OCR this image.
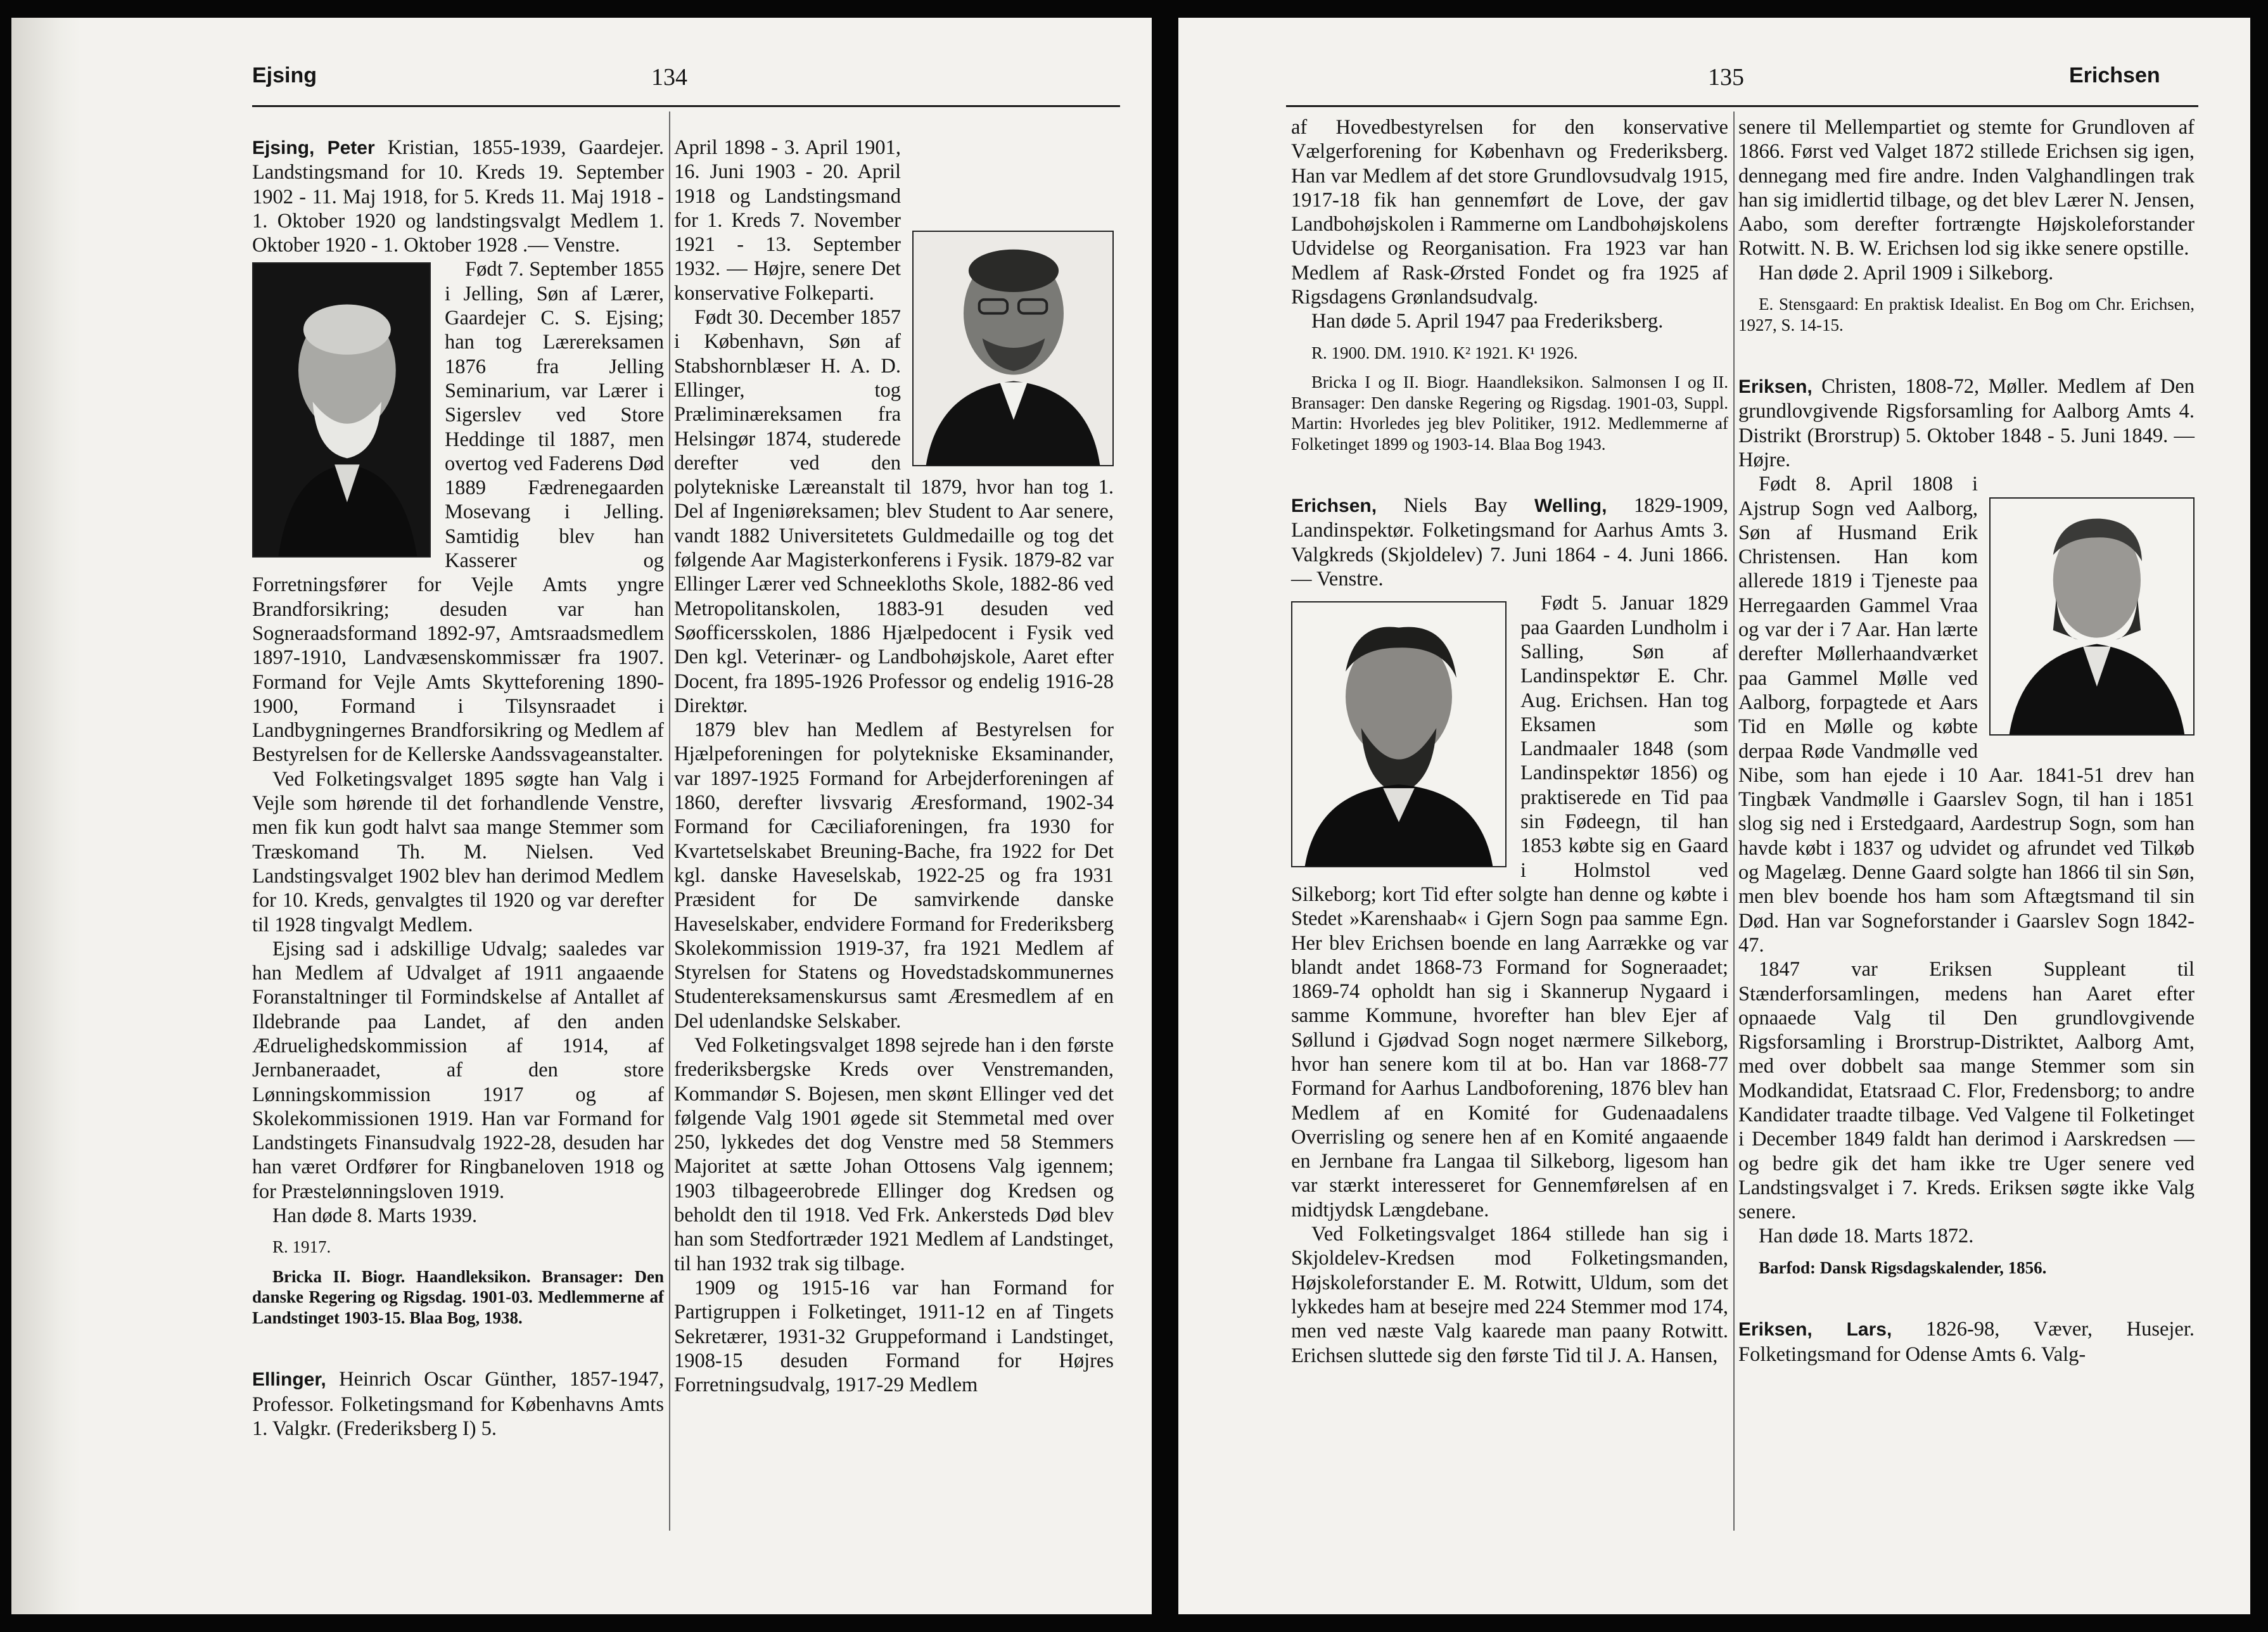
Ejsing	134

Ejsing, Peter Kristian, 1855-1939, Gaardejer. Landstingsmand for 10. Kreds 19. September 1902 - 11. Maj 1918, for 5. Kreds 11. Maj 1918 - 1. Oktober 1920 og landstingsvalgt Medlem 1. Oktober 1920 - 1. Oktober 1928 .— Venstre.

Født 7. September 1855 i Jelling, Søn af Lærer, Gaardejer C. S. Ejsing; han tog Lærereksamen 1876 fra Jelling Seminarium, var Lærer i Sigerslev ved Store Heddinge til 1887, men overtog ved Faderens Død 1889 Fædrenegaarden Mosevang i Jelling. Samtidig blev han Kasserer og Forretningsfører for Vejle Amts yngre Brandforsikring; desuden var han Sogneraadsformand 1892-97, Amtsraadsmedlem 1897-1910, Landvæsenskommissær fra 1907. Formand for Vejle Amts Skytteforening 1890-1900, Formand i Tilsynsraadet i Landbygningernes Brandforsikring og Medlem af Bestyrelsen for de Kellerske Aandssvageanstalter.

Ved Folketingsvalget 1895 søgte han Valg i Vejle som hørende til det forhandlende Venstre, men fik kun godt halvt saa mange Stemmer som Træskomand Th. M. Nielsen. Ved Landstingsvalget 1902 blev han derimod Medlem for 10. Kreds, genvalgtes til 1920 og var derefter til 1928 tingvalgt Medlem.

Ejsing sad i adskillige Udvalg; saaledes var han Medlem af Udvalget af 1911 angaaende Foranstaltninger til Formindskelse af Antallet af Ildebrande paa Landet, af den anden Ædruelighedskommission af 1914, af Jernbaneraadet, af den store Lønningskommission 1917 og af Skolekommissionen 1919. Han var Formand for Landstingets Finansudvalg 1922-28, desuden har han været Ordfører for Ringbaneloven 1918 og for Præstelønningsloven 1919.

Han døde 8. Marts 1939.

R. 1917.

Bricka II. Biogr. Haandleksikon. Bransager: Den danske Regering og Rigsdag. 1901-03. Medlemmerne af Landstinget 1903-15. Blaa Bog, 1938.

Ellinger, Heinrich Oscar Günther, 1857-1947, Professor. Folketingsmand for Københavns Amts 1. Valgkr. (Frederiksberg I) 5.

April 1898 - 3. April 1901, 16. Juni 1903 - 20. April 1918 og Landstingsmand for 1. Kreds 7. November 1921 - 13. September 1932. — Højre, senere Det konservative Folkeparti.

Født 30. December 1857 i København, Søn af Stabshornblæser H. A. D. Ellinger, tog Præliminæreksamen fra Helsingør 1874, studerede derefter ved den polytekniske Læreanstalt til 1879, hvor han tog 1. Del af Ingeniøreksamen; blev Student to Aar senere, vandt 1882 Universitetets Guldmedaille og tog det følgende Aar Magisterkonferens i Fysik. 1879-82 var Ellinger Lærer ved Schneekloths Skole, 1882-86 ved Metropolitanskolen, 1883-91 desuden ved Søofficersskolen, 1886 Hjælpedocent i Fysik ved Den kgl. Veterinær- og Landbohøjskole, Aaret efter Docent, fra 1895-1926 Professor og endelig 1916-28 Direktør.

1879 blev han Medlem af Bestyrelsen for Hjælpeforeningen for polytekniske Eksaminander, var 1897-1925 Formand for Arbejderforeningen af 1860, derefter livsvarig Æresformand, 1902-34 Formand for Cæciliaforeningen, fra 1930 for Kvartetselskabet Breuning-Bache, fra 1922 for Det kgl. danske Haveselskab, 1922-25 og fra 1931 Præsident for De samvirkende danske Haveselskaber, endvidere Formand for Frederiksberg Skolekommission 1919-37, fra 1921 Medlem af Styrelsen for Statens og Hovedstadskommunernes Studentereksamenskursus samt Æresmedlem af en Del udenlandske Selskaber.

Ved Folketingsvalget 1898 sejrede han i den første frederiksbergske Kreds over Venstremanden, Kommandør S. Bojesen, men skønt Ellinger ved det følgende Valg 1901 øgede sit Stemmetal med over 250, lykkedes det dog Venstre med 58 Stemmers Majoritet at sætte Johan Ottosens Valg igennem; 1903 tilbageerobrede Ellinger dog Kredsen og beholdt den til 1918. Ved Frk. Ankersteds Død blev han som Stedfortræder 1921 Medlem af Landstinget, til han 1932 trak sig tilbage.

1909 og 1915-16 var han Formand for Partigruppen i Folketinget, 1911-12 en af Tingets Sekretærer, 1931-32 Gruppeformand i Landstinget, 1908-15 desuden Formand for Højres Forretningsudvalg, 1917-29 Medlem

135	Erichsen

af Hovedbestyrelsen for den konservative Vælgerforening for København og Frederiksberg. Han var Medlem af det store Grundlovsudvalg 1915, 1917-18 fik han gennemført de Love, der gav Landbohøjskolen i Rammerne om Landbohøjskolens Udvidelse og Reorganisation. Fra 1923 var han Medlem af Rask-Ørsted Fondet og fra 1925 af Rigsdagens Grønlandsudvalg.

Han døde 5. April 1947 paa Frederiksberg.

R. 1900. DM. 1910. K² 1921. K¹ 1926.

Bricka I og II. Biogr. Haandleksikon. Salmonsen I og II. Bransager: Den danske Regering og Rigsdag. 1901-03, Suppl. Martin: Hvorledes jeg blev Politiker, 1912. Medlemmerne af Folketinget 1899 og 1903-14. Blaa Bog 1943.

Erichsen, Niels Bay Welling, 1829-1909, Landinspektør. Folketingsmand for Aarhus Amts 3. Valgkreds (Skjoldelev) 7. Juni 1864 - 4. Juni 1866. — Venstre.

Født 5. Januar 1829 paa Gaarden Lundholm i Salling, Søn af Landinspektør E. Chr. Aug. Erichsen. Han tog Eksamen som Landmaaler 1848 (som Landinspektør 1856) og praktiserede en Tid paa sin Fødeegn, til han 1853 købte sig en Gaard i Holmstol ved Silkeborg; kort Tid efter solgte han denne og købte i Stedet »Karenshaab« i Gjern Sogn paa samme Egn. Her blev Erichsen boende en lang Aarrække og var blandt andet 1868-73 Formand for Sogneraadet; 1869-74 opholdt han sig i Skannerup Nygaard i samme Kommune, hvorefter han blev Ejer af Søllund i Gjødvad Sogn noget nærmere Silkeborg, hvor han senere kom til at bo. Han var 1868-77 Formand for Aarhus Landboforening, 1876 blev han Medlem af en Komité for Gudenaadalens Overrisling og senere hen af en Komité angaaende en Jernbane fra Langaa til Silkeborg, ligesom han var stærkt interesseret for Gennemførelsen af en midtjydsk Længdebane.

Ved Folketingsvalget 1864 stillede han sig i Skjoldelev-Kredsen mod Folketingsmanden, Højskoleforstander E. M. Rotwitt, Uldum, som det lykkedes ham at besejre med 224 Stemmer mod 174, men ved næste Valg kaarede man paany Rotwitt. Erichsen sluttede sig den første Tid til J. A. Hansen,

senere til Mellempartiet og stemte for Grundloven af 1866. Først ved Valget 1872 stillede Erichsen sig igen, dennegang med fire andre. Inden Valghandlingen trak han sig imidlertid tilbage, og det blev Lærer N. Jensen, Aabo, som derefter fortrængte Højskoleforstander Rotwitt. N. B. W. Erichsen lod sig ikke senere opstille.

Han døde 2. April 1909 i Silkeborg.

E. Stensgaard: En praktisk Idealist. En Bog om Chr. Erichsen, 1927, S. 14-15.

Eriksen, Christen, 1808-72, Møller. Medlem af Den grundlovgivende Rigsforsamling for Aalborg Amts 4. Distrikt (Brorstrup) 5. Oktober 1848 - 5. Juni 1849. — Højre.

Født 8. April 1808 i Ajstrup Sogn ved Aalborg, Søn af Husmand Erik Christensen. Han kom allerede 1819 i Tjeneste paa Herregaarden Gammel Vraa og var der i 7 Aar. Han lærte derefter Møllerhaandværket paa Gammel Mølle ved Aalborg, forpagtede et Aars Tid en Mølle og købte derpaa Røde Vandmølle ved Nibe, som han ejede i 10 Aar. 1841-51 drev han Tingbæk Vandmølle i Gaarslev Sogn, til han i 1851 slog sig ned i Erstedgaard, Aardestrup Sogn, som han havde købt i 1837 og udvidet og afrundet ved Tilkøb og Magelæg. Denne Gaard solgte han 1866 til sin Søn, men blev boende hos ham som Aftægtsmand til sin Død. Han var Sogneforstander i Gaarslev Sogn 1842-47.

1847 var Eriksen Suppleant til Stænderforsamlingen, medens han Aaret efter opnaaede Valg til Den grundlovgivende Rigsforsamling i Brorstrup-Distriktet, Aalborg Amt, med over dobbelt saa mange Stemmer som sin Modkandidat, Etatsraad C. Flor, Fredensborg; to andre Kandidater traadte tilbage. Ved Valgene til Folketinget i December 1849 faldt han derimod i Aarskredsen — og bedre gik det ham ikke tre Uger senere ved Landstingsvalget i 7. Kreds. Eriksen søgte ikke Valg senere.

Han døde 18. Marts 1872.

Barfod: Dansk Rigsdagskalender, 1856.

Eriksen, Lars, 1826-98, Væver, Husejer. Folketingsmand for Odense Amts 6. Valg-
